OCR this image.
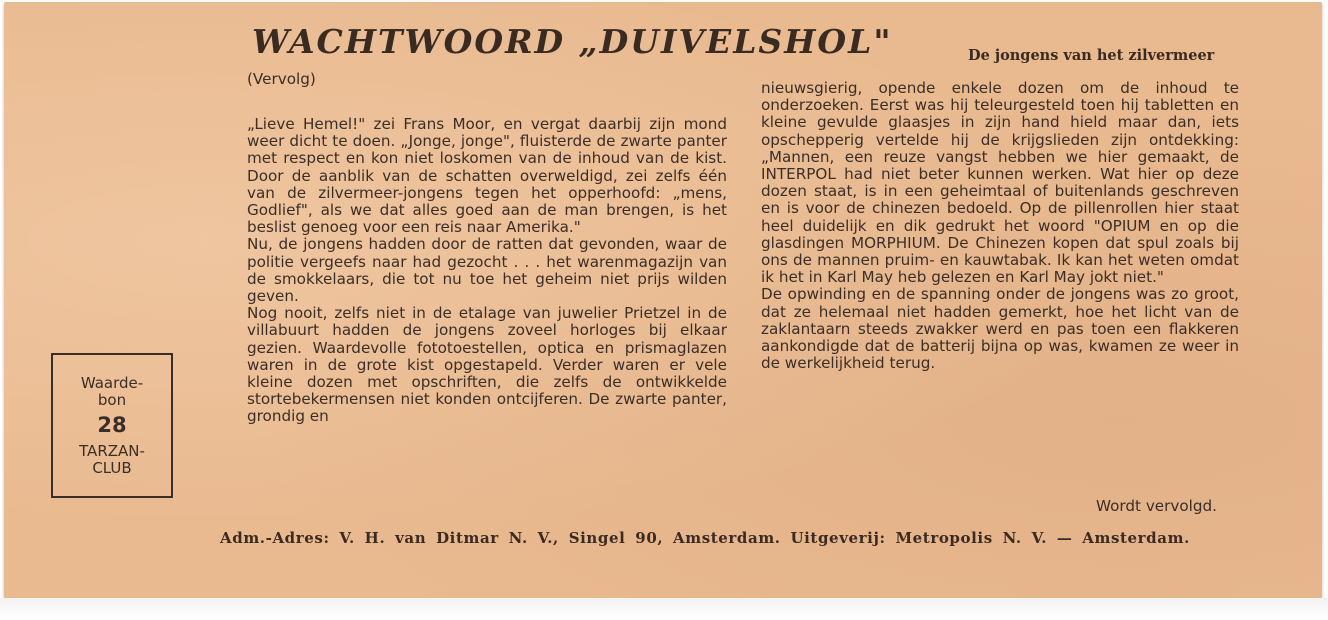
WACHTWOORD „DUIVELSHOL"	De jongens van het zilvermeer
(Vervolg)

„Lieve Hemel!" zei Frans Moor, en vergat daarbij zijn mond weer dicht te doen. „Jonge, jonge", fluisterde de zwarte panter met respect en kon niet loskomen van de inhoud van de kist. Door de aanblik van de schatten overweldigd, zei zelfs één van de zilvermeer-jongens tegen het opperhoofd: „mens, Godlief", als we dat alles goed aan de man brengen, is het beslist genoeg voor een reis naar Amerika."

Nu, de jongens hadden door de ratten dat gevonden, waar de politie vergeefs naar had gezocht . . . het warenmagazijn van de smokkelaars, die tot nu toe het geheim niet prijs wilden geven.

Nog nooit, zelfs niet in de etalage van juwelier Prietzel in de villabuurt hadden de jongens zoveel horloges bij elkaar gezien. Waardevolle fototoestellen, optica en prismaglazen waren in de grote kist opgestapeld. Verder waren er vele kleine dozen met opschriften, die zelfs de ontwikkelde stortebekermensen niet konden ontcijferen. De zwarte panter, grondig en

nieuwsgierig, opende enkele dozen om de inhoud te onderzoeken. Eerst was hij teleurgesteld toen hij tabletten en kleine gevulde glaasjes in zijn hand hield maar dan, iets opschepperig vertelde hij de krijgslieden zijn ontdekking: „Mannen, een reuze vangst hebben we hier gemaakt, de INTERPOL had niet beter kunnen werken. Wat hier op deze dozen staat, is in een geheimtaal of buitenlands geschreven en is voor de chinezen bedoeld. Op de pillenrollen hier staat heel duidelijk en dik gedrukt het woord "OPIUM en op die glasdingen MORPHIUM. De Chinezen kopen dat spul zoals bij ons de mannen pruim- en kauwtabak. Ik kan het weten omdat ik het in Karl May heb gelezen en Karl May jokt niet."

De opwinding en de spanning onder de jongens was zo groot, dat ze helemaal niet hadden gemerkt, hoe het licht van de zaklantaarn steeds zwakker werd en pas toen een flakkeren aankondigde dat de batterij bijna op was, kwamen ze weer in de werkelijkheid terug.

Wordt vervolgd.
Waarde-bon
28
TARZAN-CLUB
Adm.-Adres: V. H. van Ditmar N. V., Singel 90, Amsterdam. Uitgeverij: Metropolis N. V. — Amsterdam.
